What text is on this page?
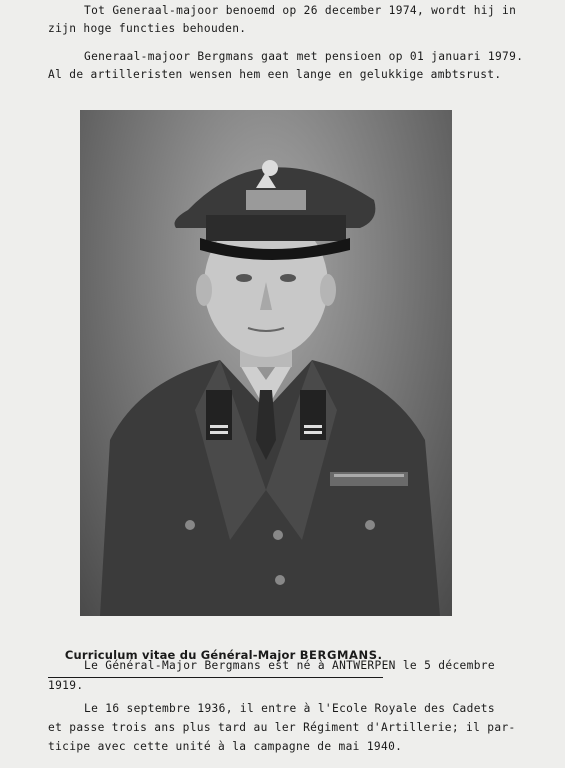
Tot Generaal-majoor benoemd op 26 december 1974, wordt hij in
zijn hoge functies behouden.
Generaal-majoor Bergmans gaat met pensioen op 01 januari 1979.
Al de artilleristen wensen hem een lange en gelukkige ambtsrust.

Curriculum vitae du Général-Major BERGMANS.

Le Général-Major Bergmans est né à ANTWERPEN le 5 décembre
1919.
Le 16 septembre 1936, il entre à l'Ecole Royale des Cadets
et passe trois ans plus tard au ler Régiment d'Artillerie; il par-
ticipe avec cette unité à la campagne de mai 1940.
